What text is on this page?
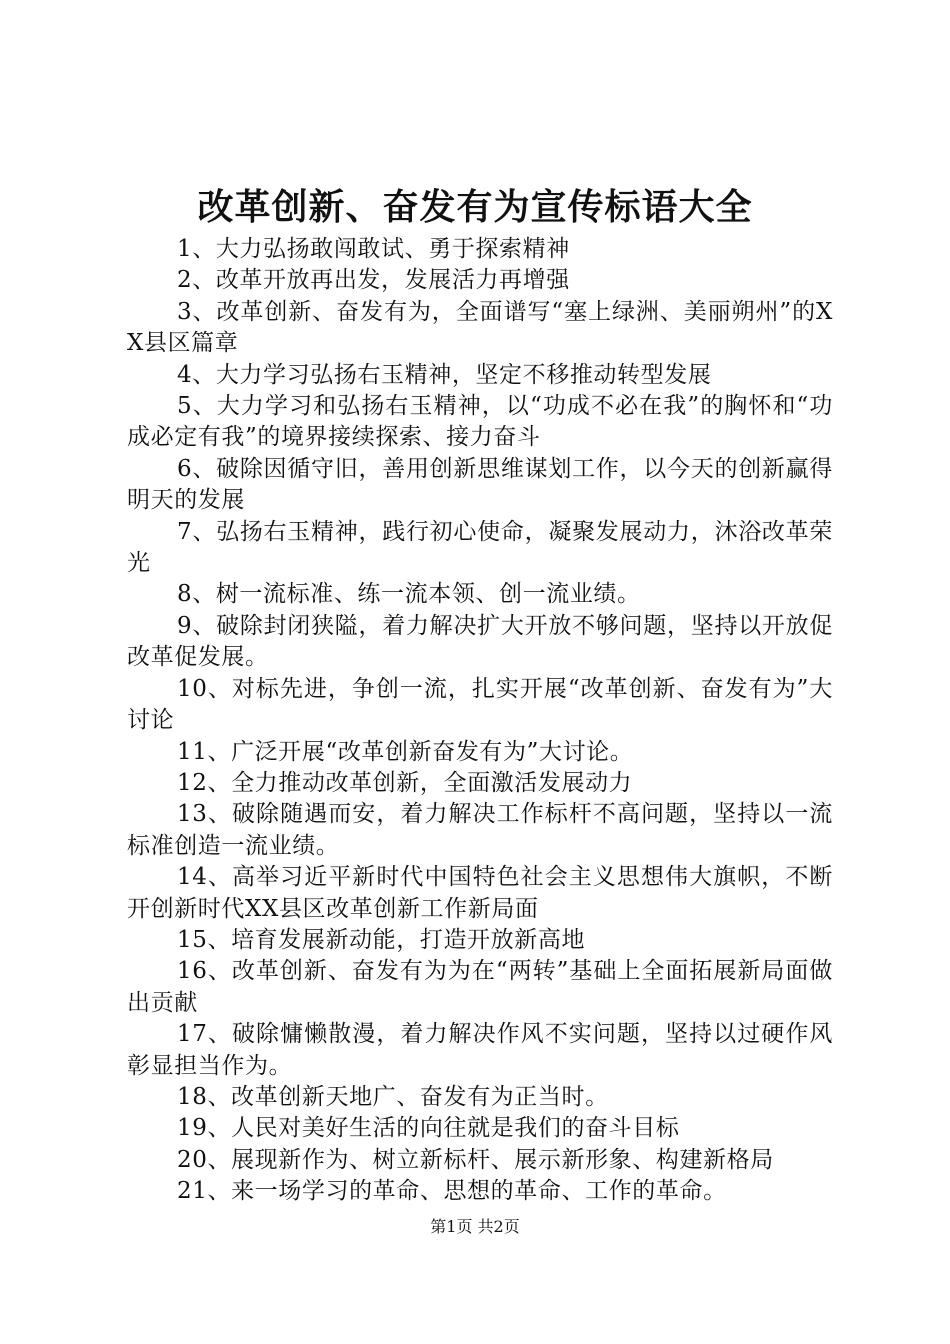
改革创新、奋发有为宣传标语大全
1、大力弘扬敢闯敢试、勇于探索精神
2、改革开放再出发，发展活力再增强
3、改革创新、奋发有为，全面谱写“塞上绿洲、美丽朔州”的XX县区篇章
4、大力学习弘扬右玉精神，坚定不移推动转型发展
5、大力学习和弘扬右玉精神，以“功成不必在我”的胸怀和“功成必定有我”的境界接续探索、接力奋斗
6、破除因循守旧，善用创新思维谋划工作，以今天的创新赢得明天的发展
7、弘扬右玉精神，践行初心使命，凝聚发展动力，沐浴改革荣光
8、树一流标准、练一流本领、创一流业绩。
9、破除封闭狭隘，着力解决扩大开放不够问题，坚持以开放促改革促发展。
10、对标先进，争创一流，扎实开展“改革创新、奋发有为”大讨论
11、广泛开展“改革创新奋发有为”大讨论。
12、全力推动改革创新，全面激活发展动力
13、破除随遇而安，着力解决工作标杆不高问题，坚持以一流标准创造一流业绩。
14、高举习近平新时代中国特色社会主义思想伟大旗帜，不断开创新时代XX县区改革创新工作新局面
15、培育发展新动能，打造开放新高地
16、改革创新、奋发有为为在“两转”基础上全面拓展新局面做出贡献
17、破除慵懒散漫，着力解决作风不实问题，坚持以过硬作风彰显担当作为。
18、改革创新天地广、奋发有为正当时。
19、人民对美好生活的向往就是我们的奋斗目标
20、展现新作为、树立新标杆、展示新形象、构建新格局
21、来一场学习的革命、思想的革命、工作的革命。
第1页 共2页
